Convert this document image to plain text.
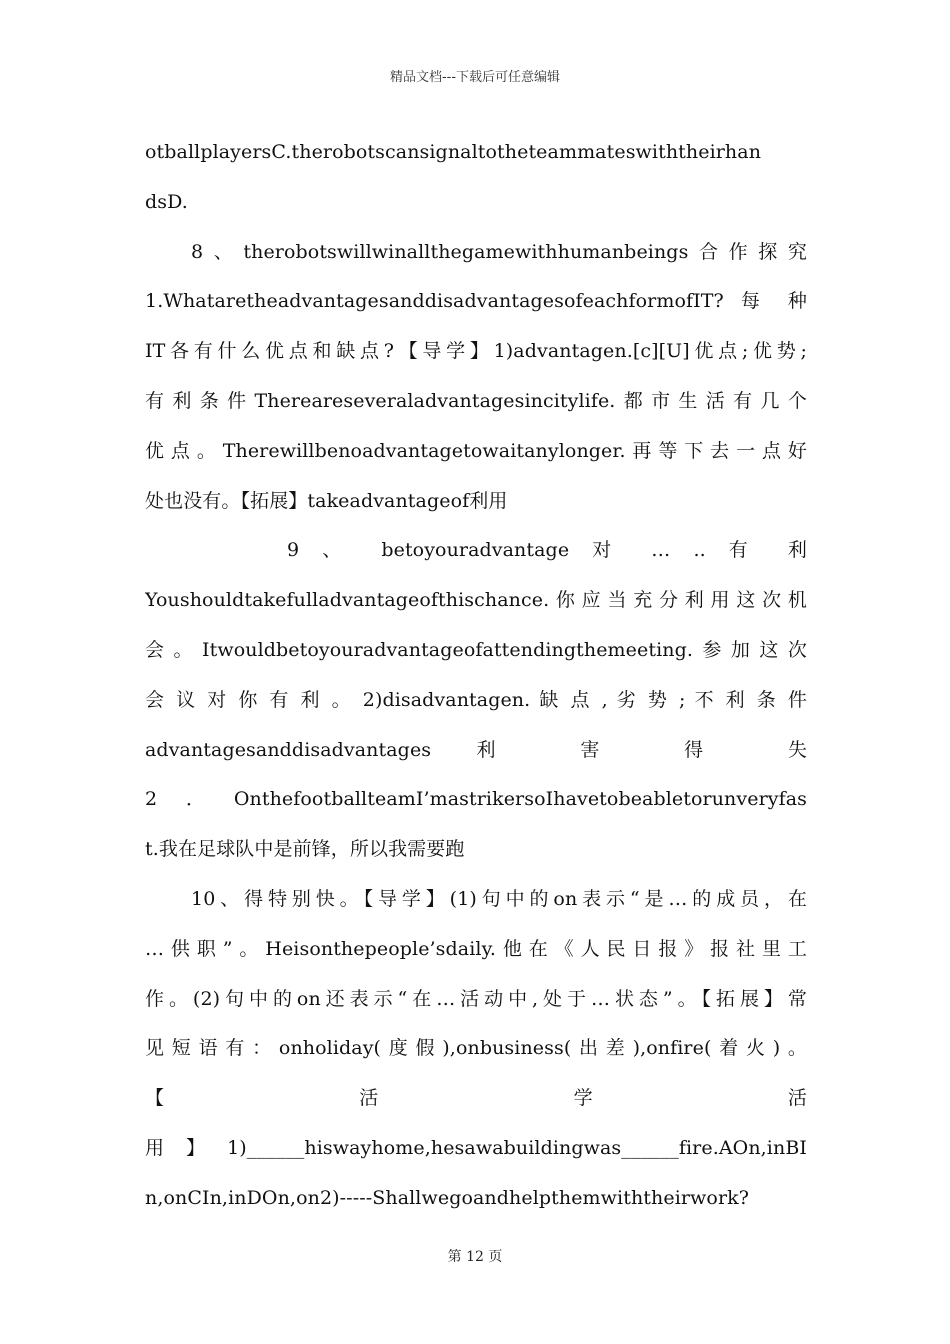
精品文档---下载后可任意编辑
otballplayersC.therobotscansignaltotheteammateswiththeirhan
dsD.
8、therobotswillwinallthegamewithhumanbeings合作探究
1.WhataretheadvantagesanddisadvantagesofeachformofIT? 每 种
IT各有什么优点和缺点?【导学】1)advantagen.[c][U]优点;优势;
有利条件Thereareseveraladvantagesincitylife.都市生活有几个
优点。Therewillbenoadvantagetowaitanylonger.再等下去一点好
处也没有。【拓展】takeadvantageof利用
9 、 betoyouradvantage 对 … .. 有 利
Youshouldtakefulladvantageofthischance.你应当充分利用这次机
会。Itwouldbetoyouradvantageofattendingthemeeting.参加这次
会 议 对 你 有 利 。 2)disadvantagen. 缺 点 , 劣 势 ; 不 利 条 件
advantagesanddisadvantages 利 害 得 失
2．OnthefootballteamI’mastrikersoIhavetobeabletorunveryfas
t.我在足球队中是前锋，所以我需要跑
10、得特别快。【导学】(1)句中的on表示“是…的成员，在
…供职”。Heisonthepeople’sdaily.他在《人民日报》报社里工
作。(2)句中的on还表示“在…活动中,处于…状态”。【拓展】常
见短语有：onholiday(度假),onbusiness(出差),onfire(着火)。
【 活 学 活
用】1)______hiswayhome,hesawabuildingwas______fire.AOn,inBI
n,onCIn,inDOn,on2)-----Shallwegoandhelpthemwiththeirwork?
第 12 页
